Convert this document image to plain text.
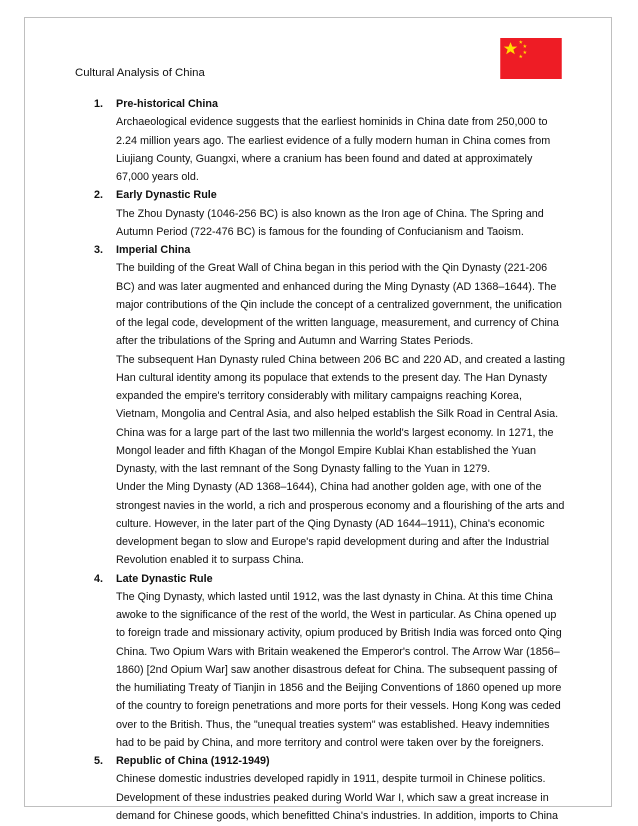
Cultural Analysis of China
1. Pre-historical China

Archaeological evidence suggests that the earliest hominids in China date from 250,000 to 2.24 million years ago. The earliest evidence of a fully modern human in China comes from Liujiang County, Guangxi, where a cranium has been found and dated at approximately 67,000 years old.

2. Early Dynastic Rule

The Zhou Dynasty (1046-256 BC) is also known as the Iron age of China. The Spring and Autumn Period (722-476 BC) is famous for the founding of Confucianism and Taoism.

3. Imperial China

The building of the Great Wall of China began in this period with the Qin Dynasty (221-206 BC) and was later augmented and enhanced during the Ming Dynasty (AD 1368–1644). The major contributions of the Qin include the concept of a centralized government, the unification of the legal code, development of the written language, measurement, and currency of China after the tribulations of the Spring and Autumn and Warring States Periods.

The subsequent Han Dynasty ruled China between 206 BC and 220 AD, and created a lasting Han cultural identity among its populace that extends to the present day. The Han Dynasty expanded the empire's territory considerably with military campaigns reaching Korea, Vietnam, Mongolia and Central Asia, and also helped establish the Silk Road in Central Asia. China was for a large part of the last two millennia the world's largest economy. In 1271, the Mongol leader and fifth Khagan of the Mongol Empire Kublai Khan established the Yuan Dynasty, with the last remnant of the Song Dynasty falling to the Yuan in 1279.

Under the Ming Dynasty (AD 1368–1644), China had another golden age, with one of the strongest navies in the world, a rich and prosperous economy and a flourishing of the arts and culture. However, in the later part of the Qing Dynasty (AD 1644–1911), China's economic development began to slow and Europe's rapid development during and after the Industrial Revolution enabled it to surpass China.

4. Late Dynastic Rule

The Qing Dynasty, which lasted until 1912, was the last dynasty in China. At this time China awoke to the significance of the rest of the world, the West in particular. As China opened up to foreign trade and missionary activity, opium produced by British India was forced onto Qing China. Two Opium Wars with Britain weakened the Emperor's control. The Arrow War (1856–1860) [2nd Opium War] saw another disastrous defeat for China. The subsequent passing of the humiliating Treaty of Tianjin in 1856 and the Beijing Conventions of 1860 opened up more of the country to foreign penetrations and more ports for their vessels. Hong Kong was ceded over to the British. Thus, the "unequal treaties system" was established. Heavy indemnities had to be paid by China, and more territory and control were taken over by the foreigners.

5. Republic of China (1912-1949)

Chinese domestic industries developed rapidly in 1911, despite turmoil in Chinese politics. Development of these industries peaked during World War I, which saw a great increase in demand for Chinese goods, which benefitted China's industries. In addition, imports to China
